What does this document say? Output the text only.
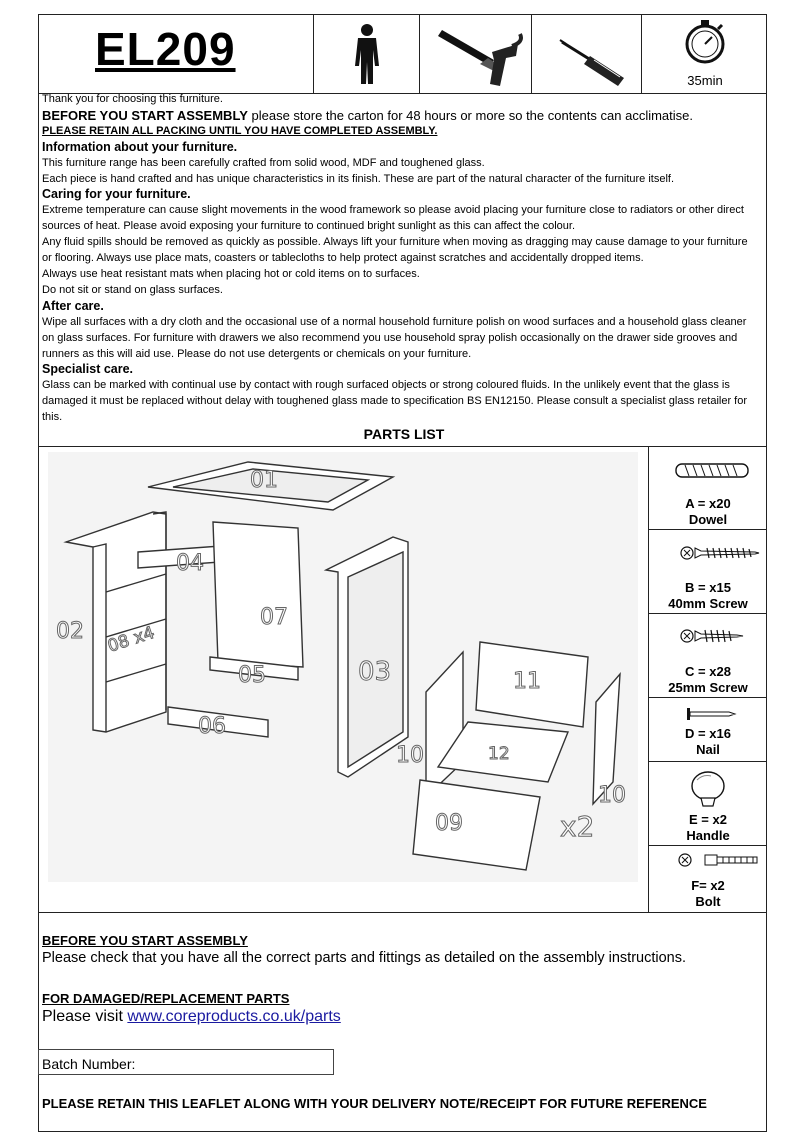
EL209
35min

Thank you for choosing this furniture.

BEFORE YOU START ASSEMBLY please store the carton for 48 hours or more so the contents can acclimatise.

PLEASE RETAIN ALL PACKING UNTIL YOU HAVE COMPLETED ASSEMBLY.

Information about your furniture.

This furniture range has been carefully crafted from solid wood, MDF and toughened glass.

Each piece is hand crafted and has unique characteristics in its finish. These are part of the natural character of the furniture itself.

Caring for your furniture.

Extreme temperature can cause slight movements in the wood framework so please avoid placing your furniture close to radiators or other direct sources of heat. Please avoid exposing your furniture to continued bright sunlight as this can affect the colour.

Any fluid spills should be removed as quickly as possible. Always lift your furniture when moving as dragging may cause damage to your furniture or flooring. Always use place mats, coasters or tablecloths to help protect against scratches and accidentally dropped items.

Always use heat resistant mats when placing hot or cold items on to surfaces.

Do not sit or stand on glass surfaces.

After care.

Wipe all surfaces with a dry cloth and the occasional use of a normal household furniture polish on wood surfaces and a household glass cleaner on glass surfaces. For furniture with drawers we also recommend you use household spray polish occasionally on the drawer side grooves and runners as this will aid use. Please do not use detergents or chemicals on your furniture.

Specialist care.

Glass can be marked with continual use by contact with rough surfaced objects or strong coloured fluids. In the unlikely event that the glass is damaged it must be replaced without delay with toughened glass made to specification BS EN12150. Please consult a specialist glass retailer for this.

PARTS LIST
01
02 08 x4
04
07
05
06
03	11
12
10
10
09	x2
A = x20
Dowel
B = x15
40mm Screw
C = x28
25mm Screw
D = x16
Nail
E = x2
Handle
F= x2
Bolt
BEFORE YOU START ASSEMBLY
Please check that you have all the correct parts and fittings as detailed on the assembly instructions.
FOR DAMAGED/REPLACEMENT PARTS
Please visit www.coreproducts.co.uk/parts
Batch Number:
PLEASE RETAIN THIS LEAFLET ALONG WITH YOUR DELIVERY NOTE/RECEIPT FOR FUTURE REFERENCE
